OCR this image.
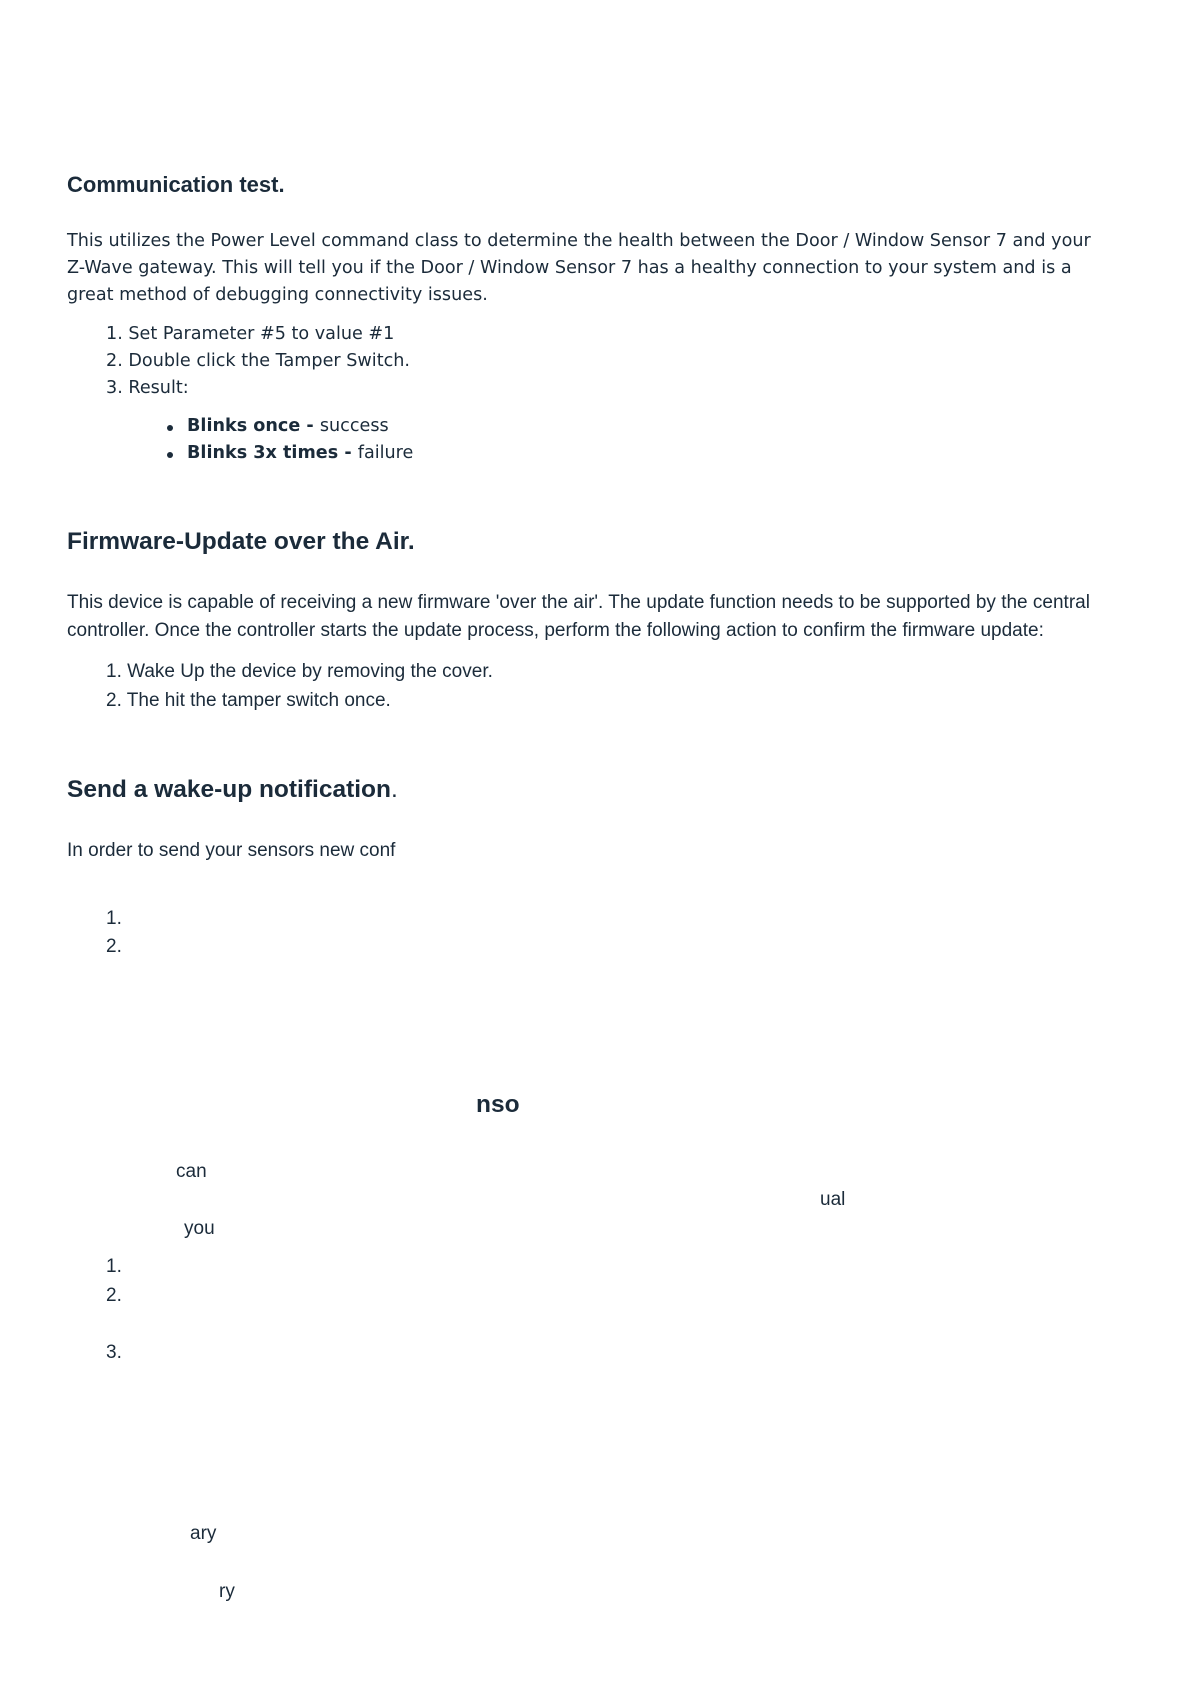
Communication test.
This utilizes the Power Level command class to determine the health between the Door / Window Sensor 7 and your
Z-Wave gateway. This will tell you if the Door / Window Sensor 7 has a healthy connection to your system and is a
great method of debugging connectivity issues.
1. Set Parameter #5 to value #1
2. Double click the Tamper Switch.
3. Result:
Blinks once - success
Blinks 3x times - failure
Firmware-Update over the Air.
This device is capable of receiving a new firmware 'over the air'. The update function needs to be supported by the central
controller. Once the controller starts the update process, perform the following action to confirm the firmware update:
1. Wake Up the device by removing the cover.
2. The hit the tamper switch once.
Send a wake-up notification.
In order to send your sensors new conf
1.
2.
nso
can
ual
you
1.
2.
3.
ary
ry
